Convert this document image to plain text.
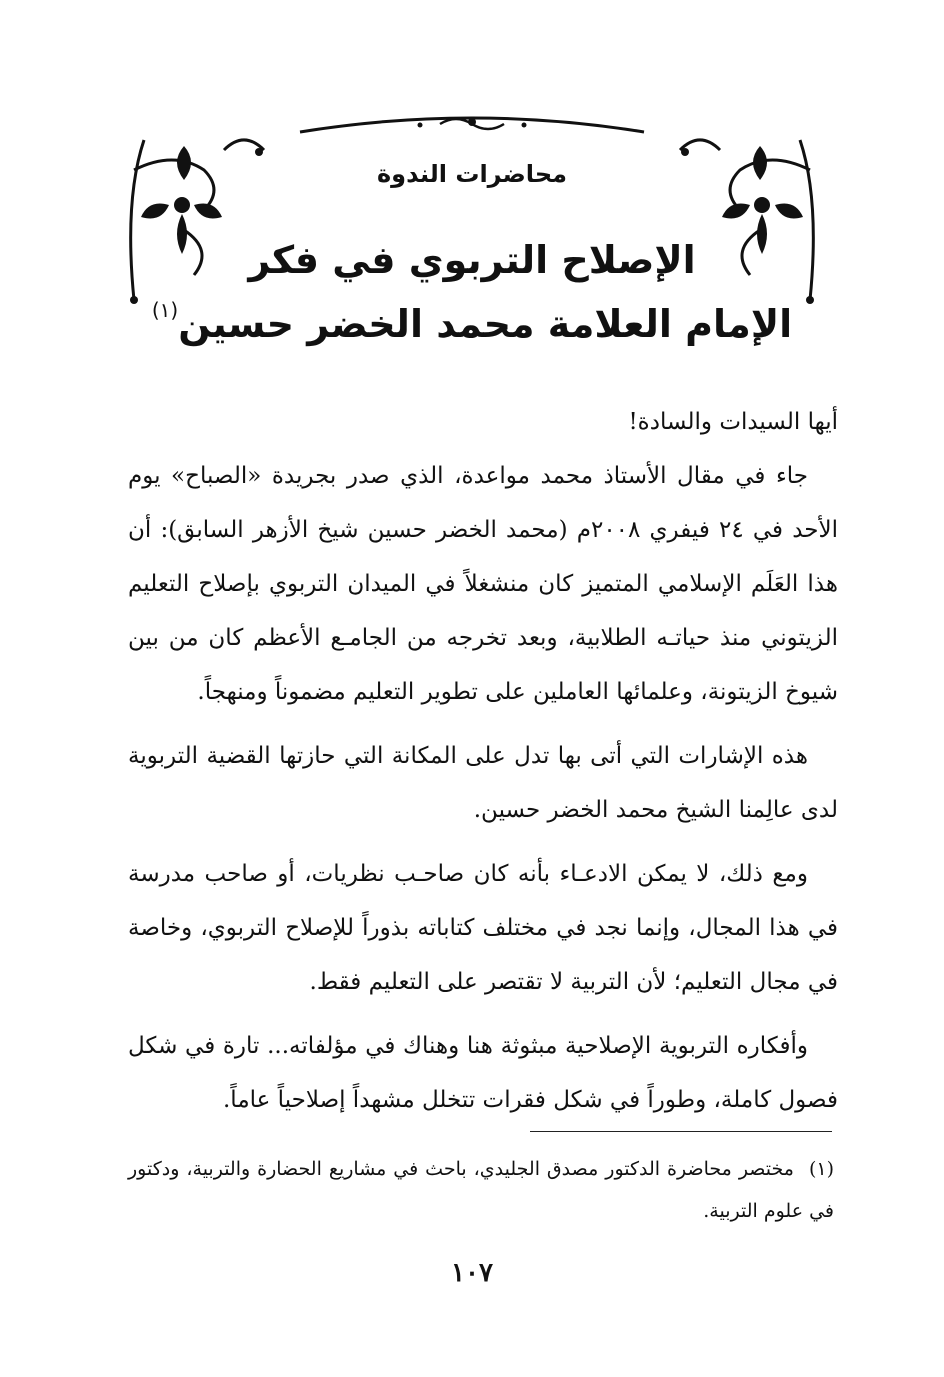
محاضرات الندوة
الإصلاح التربوي في فكر
الإمام العلامة محمد الخضر حسين$^{(١)}$

أيها السيدات والسادة!

جاء في مقال الأستاذ محمد مواعدة، الذي صدر بجريدة «الصباح» يوم الأحد في ٢٤ فيفري ٢٠٠٨م (محمد الخضر حسين شيخ الأزهر السابق): أن هذا العَلَم الإسلامي المتميز كان منشغلاً في الميدان التربوي بإصلاح التعليم الزيتوني منذ حياتـه الطلابية، وبعد تخرجه من الجامـع الأعظم كان من بين شيوخ الزيتونة، وعلمائها العاملين على تطوير التعليم مضموناً ومنهجاً.

هذه الإشارات التي أتى بها تدل على المكانة التي حازتها القضية التربوية لدى عالِمنا الشيخ محمد الخضر حسين.

ومع ذلك، لا يمكن الادعـاء بأنه كان صاحـب نظريات، أو صاحب مدرسة في هذا المجال، وإنما نجد في مختلف كتاباته بذوراً للإصلاح التربوي، وخاصة في مجال التعليم؛ لأن التربية لا تقتصر على التعليم فقط.

وأفكاره التربوية الإصلاحية مبثوثة هنا وهناك في مؤلفاته... تارة في شكل فصول كاملة، وطوراً في شكل فقرات تتخلل مشهداً إصلاحياً عاماً.

(١) مختصر محاضرة الدكتور مصدق الجليدي، باحث في مشاريع الحضارة والتربية، ودكتور في علوم التربية.
١٠٧
